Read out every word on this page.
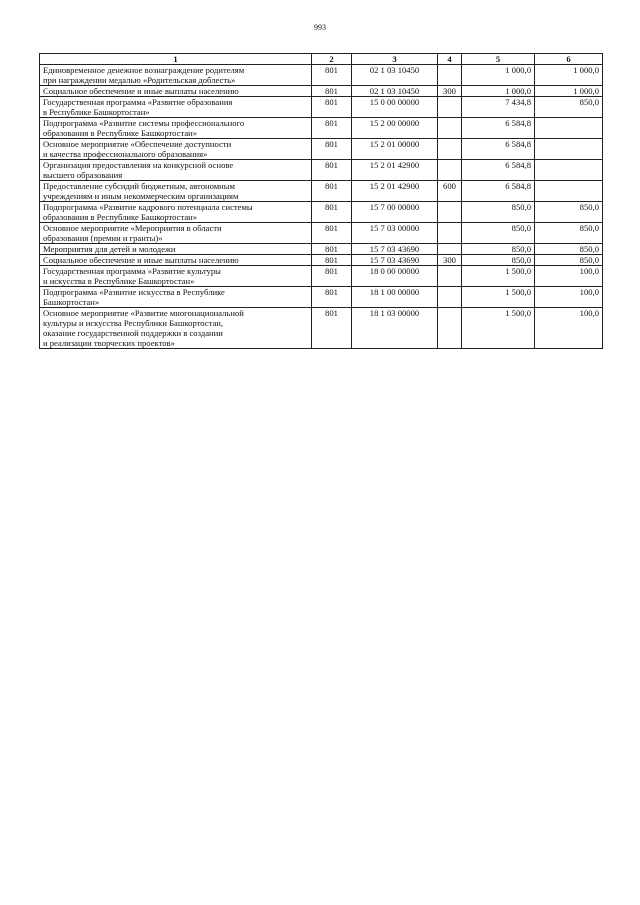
993
1	2	3	4	5	6
Единовременное денежное вознаграждение родителям
при награждении медалью «Родительская доблесть»	801	02 1 03 10450		1 000,0	1 000,0
Социальное обеспечение и иные выплаты населению	801	02 1 03 10450	300	1 000,0	1 000,0
Государственная программа «Развитие образования
в Республике Башкортостан»	801	15 0 00 00000		7 434,8	850,0
Подпрограмма «Развитие системы профессионального
образования в Республике Башкортостан»	801	15 2 00 00000		6 584,8	
Основное мероприятие «Обеспечение доступности
и качества профессионального образования»	801	15 2 01 00000		6 584,8	
Организация предоставления на конкурсной основе
высшего образования	801	15 2 01 42900		6 584,8	
Предоставление субсидий бюджетным, автономным
учреждениям и иным некоммерческим организациям	801	15 2 01 42900	600	6 584,8	
Подпрограмма «Развитие кадрового потенциала системы
образования в Республике Башкортостан»	801	15 7 00 00000		850,0	850,0
Основное мероприятие «Мероприятия в области
образования (премии и гранты)»	801	15 7 03 00000		850,0	850,0
Мероприятия для детей и молодежи	801	15 7 03 43690		850,0	850,0
Социальное обеспечение и иные выплаты населению	801	15 7 03 43690	300	850,0	850,0
Государственная программа «Развитие культуры
и искусства в Республике Башкортостан»	801	18 0 00 00000		1 500,0	100,0
Подпрограмма «Развитие искусства в Республике
Башкортостан»	801	18 1 00 00000		1 500,0	100,0
Основное мероприятие «Развитие многонациональной
культуры и искусства Республики Башкортостан,
оказание государственной поддержки в создании
и реализации творческих проектов»	801	18 1 03 00000		1 500,0	100,0
